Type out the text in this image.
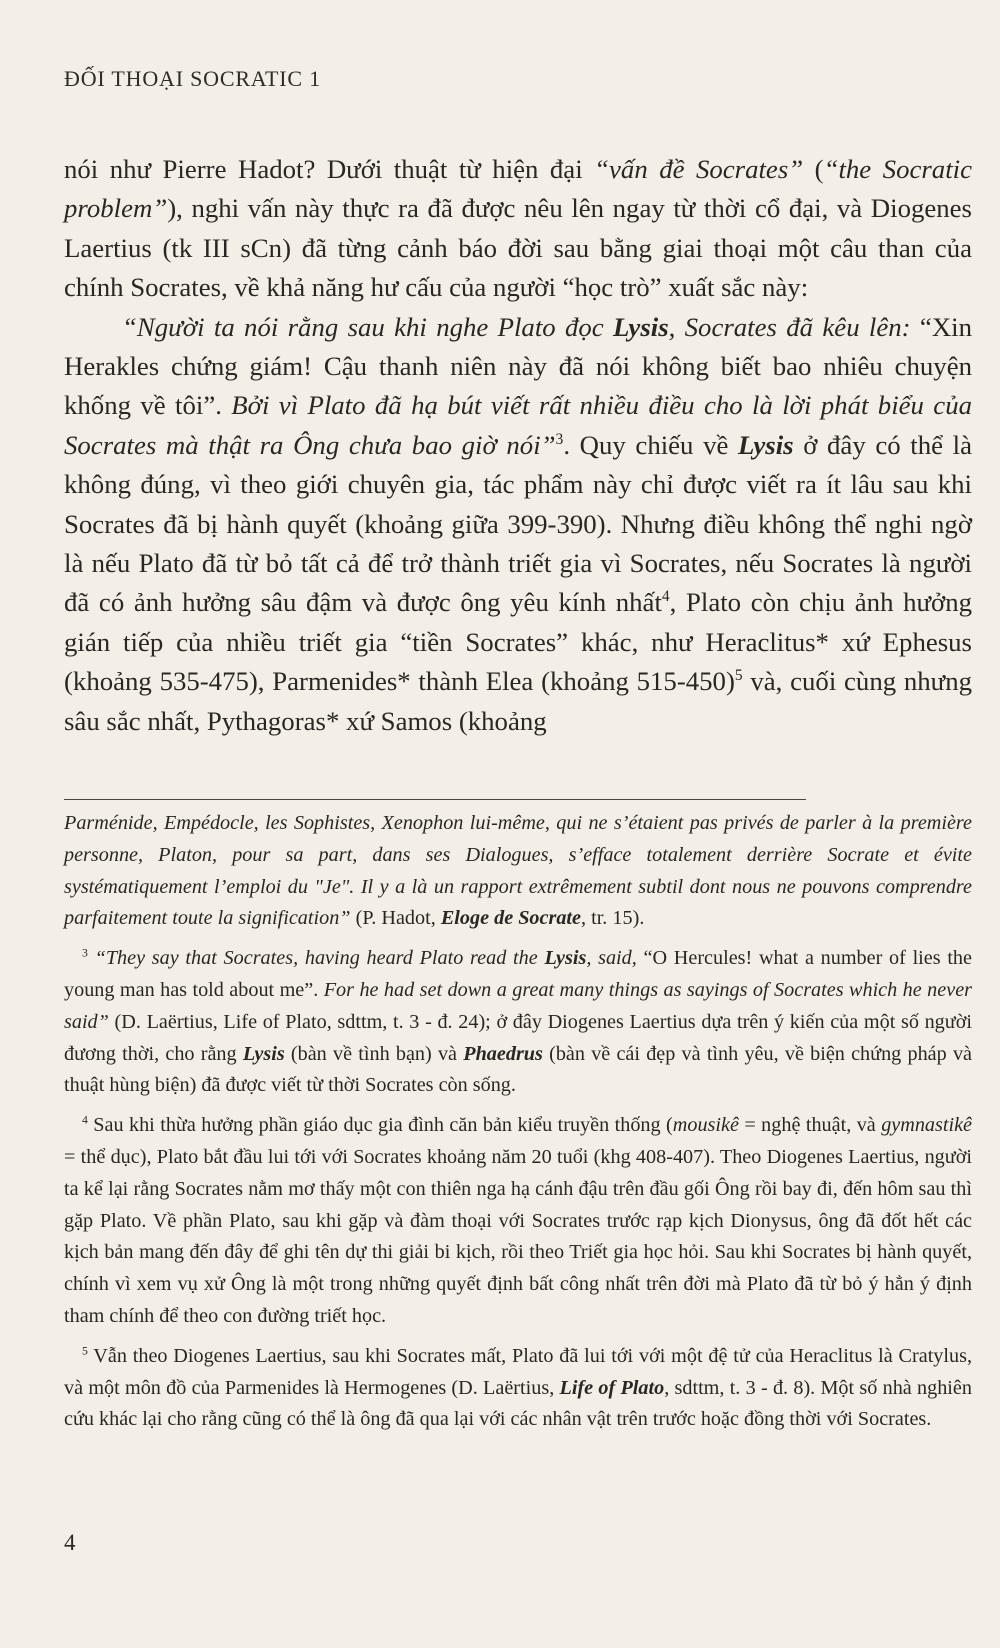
ĐỐI THOẠI SOCRATIC 1

nói như Pierre Hadot? Dưới thuật từ hiện đại “vấn đề Socrates” (“the Socratic problem”), nghi vấn này thực ra đã được nêu lên ngay từ thời cổ đại, và Diogenes Laertius (tk III sCn) đã từng cảnh báo đời sau bằng giai thoại một câu than của chính Socrates, về khả năng hư cấu của người “học trò” xuất sắc này:

“Người ta nói rằng sau khi nghe Plato đọc Lysis, Socrates đã kêu lên: “Xin Herakles chứng giám! Cậu thanh niên này đã nói không biết bao nhiêu chuyện khống về tôi”. Bởi vì Plato đã hạ bút viết rất nhiều điều cho là lời phát biểu của Socrates mà thật ra Ông chưa bao giờ nói”$^3$. Quy chiếu về Lysis ở đây có thể là không đúng, vì theo giới chuyên gia, tác phẩm này chỉ được viết ra ít lâu sau khi Socrates đã bị hành quyết (khoảng giữa 399-390). Nhưng điều không thể nghi ngờ là nếu Plato đã từ bỏ tất cả để trở thành triết gia vì Socrates, nếu Socrates là người đã có ảnh hưởng sâu đậm và được ông yêu kính nhất$^4$, Plato còn chịu ảnh hưởng gián tiếp của nhiều triết gia “tiền Socrates” khác, như Heraclitus* xứ Ephesus (khoảng 535-475), Parmenides* thành Elea (khoảng 515-450)$^5$ và, cuối cùng nhưng sâu sắc nhất, Pythagoras* xứ Samos (khoảng

Parménide, Empédocle, les Sophistes, Xenophon lui-même, qui ne s’étaient pas privés de parler à la première personne, Platon, pour sa part, dans ses Dialogues, s’efface totalement derrière Socrate et évite systématiquement l’emploi du "Je". Il y a là un rapport extrêmement subtil dont nous ne pouvons comprendre parfaitement toute la signification” (P. Hadot, Eloge de Socrate, tr. 15).

$^3$ “They say that Socrates, having heard Plato read the Lysis, said, “O Hercules! what a number of lies the young man has told about me”. For he had set down a great many things as sayings of Socrates which he never said” (D. Laërtius, Life of Plato, sdttm, t. 3 - đ. 24); ở đây Diogenes Laertius dựa trên ý kiến của một số người đương thời, cho rằng Lysis (bàn về tình bạn) và Phaedrus (bàn về cái đẹp và tình yêu, về biện chứng pháp và thuật hùng biện) đã được viết từ thời Socrates còn sống.

$^4$ Sau khi thừa hưởng phần giáo dục gia đình căn bản kiểu truyền thống (mousikê = nghệ thuật, và gymnastikê = thể dục), Plato bắt đầu lui tới với Socrates khoảng năm 20 tuổi (khg 408-407). Theo Diogenes Laertius, người ta kể lại rằng Socrates nằm mơ thấy một con thiên nga hạ cánh đậu trên đầu gối Ông rồi bay đi, đến hôm sau thì gặp Plato. Về phần Plato, sau khi gặp và đàm thoại với Socrates trước rạp kịch Dionysus, ông đã đốt hết các kịch bản mang đến đây để ghi tên dự thi giải bi kịch, rồi theo Triết gia học hỏi. Sau khi Socrates bị hành quyết, chính vì xem vụ xử Ông là một trong những quyết định bất công nhất trên đời mà Plato đã từ bỏ ý hẳn ý định tham chính để theo con đường triết học.

$^5$ Vẫn theo Diogenes Laertius, sau khi Socrates mất, Plato đã lui tới với một đệ tử của Heraclitus là Cratylus, và một môn đồ của Parmenides là Hermogenes (D. Laërtius, Life of Plato, sdttm, t. 3 - đ. 8). Một số nhà nghiên cứu khác lại cho rằng cũng có thể là ông đã qua lại với các nhân vật trên trước hoặc đồng thời với Socrates.

4
